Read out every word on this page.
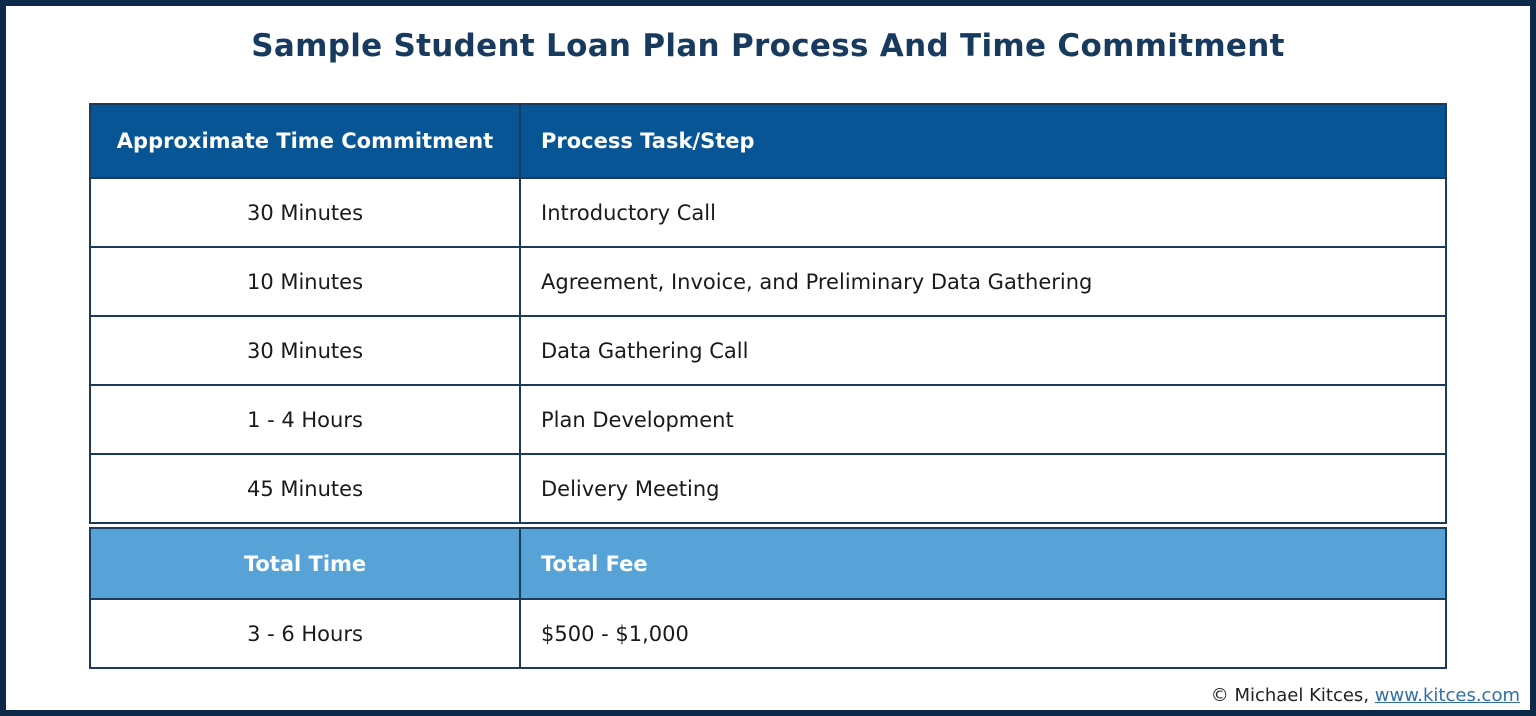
Sample Student Loan Plan Process And Time Commitment
Approximate Time Commitment	Process Task/Step
30 Minutes	Introductory Call
10 Minutes	Agreement, Invoice, and Preliminary Data Gathering
30 Minutes	Data Gathering Call
1 - 4 Hours	Plan Development
45 Minutes	Delivery Meeting
Total Time	Total Fee
3 - 6 Hours	$500 - $1,000
© Michael Kitces, www.kitces.com
